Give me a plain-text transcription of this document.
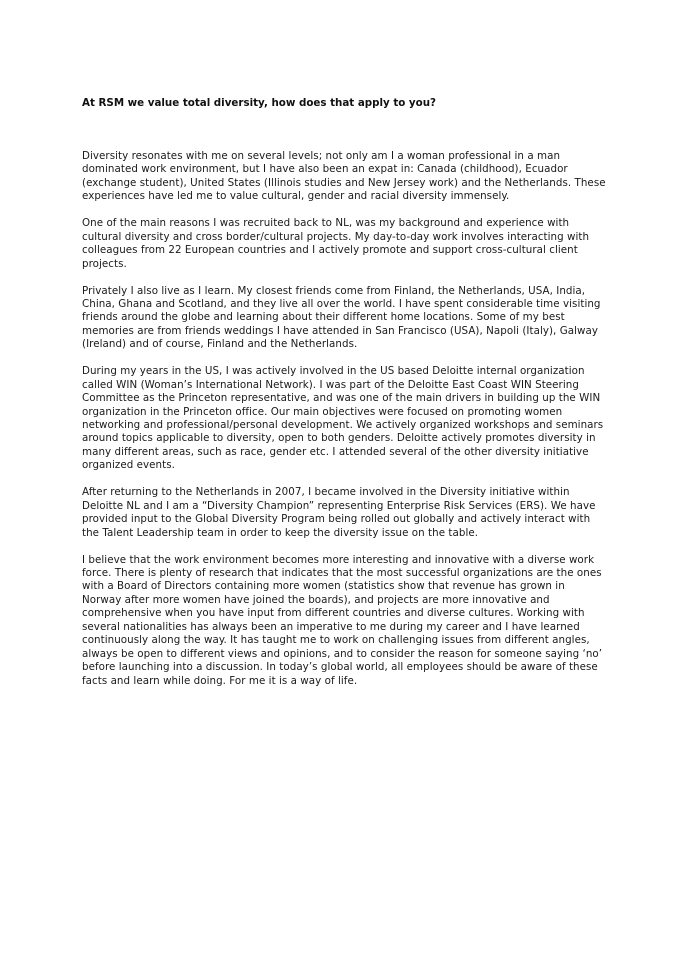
At RSM we value total diversity, how does that apply to you?

Diversity resonates with me on several levels; not only am I a woman professional in a man dominated work environment, but I have also been an expat in: Canada (childhood), Ecuador (exchange student), United States (Illinois studies and New Jersey work) and the Netherlands. These experiences have led me to value cultural, gender and racial diversity immensely.

One of the main reasons I was recruited back to NL, was my background and experience with cultural diversity and cross border/cultural projects. My day-to-day work involves interacting with colleagues from 22 European countries and I actively promote and support cross-cultural client projects.

Privately I also live as I learn. My closest friends come from Finland, the Netherlands, USA, India, China, Ghana and Scotland, and they live all over the world. I have spent considerable time visiting friends around the globe and learning about their different home locations. Some of my best memories are from friends weddings I have attended in San Francisco (USA), Napoli (Italy), Galway (Ireland) and of course, Finland and the Netherlands.

During my years in the US, I was actively involved in the US based Deloitte internal organization called WIN (Woman’s International Network). I was part of the Deloitte East Coast WIN Steering Committee as the Princeton representative, and was one of the main drivers in building up the WIN organization in the Princeton office. Our main objectives were focused on promoting women networking and professional/personal development. We actively organized workshops and seminars around topics applicable to diversity, open to both genders. Deloitte actively promotes diversity in many different areas, such as race, gender etc. I attended several of the other diversity initiative organized events.

After returning to the Netherlands in 2007, I became involved in the Diversity initiative within Deloitte NL and I am a “Diversity Champion” representing Enterprise Risk Services (ERS). We have provided input to the Global Diversity Program being rolled out globally and actively interact with the Talent Leadership team in order to keep the diversity issue on the table.

I believe that the work environment becomes more interesting and innovative with a diverse work force. There is plenty of research that indicates that the most successful organizations are the ones with a Board of Directors containing more women (statistics show that revenue has grown in Norway after more women have joined the boards), and projects are more innovative and comprehensive when you have input from different countries and diverse cultures. Working with several nationalities has always been an imperative to me during my career and I have learned continuously along the way. It has taught me to work on challenging issues from different angles, always be open to different views and opinions, and to consider the reason for someone saying ‘no’ before launching into a discussion. In today’s global world, all employees should be aware of these facts and learn while doing. For me it is a way of life.
